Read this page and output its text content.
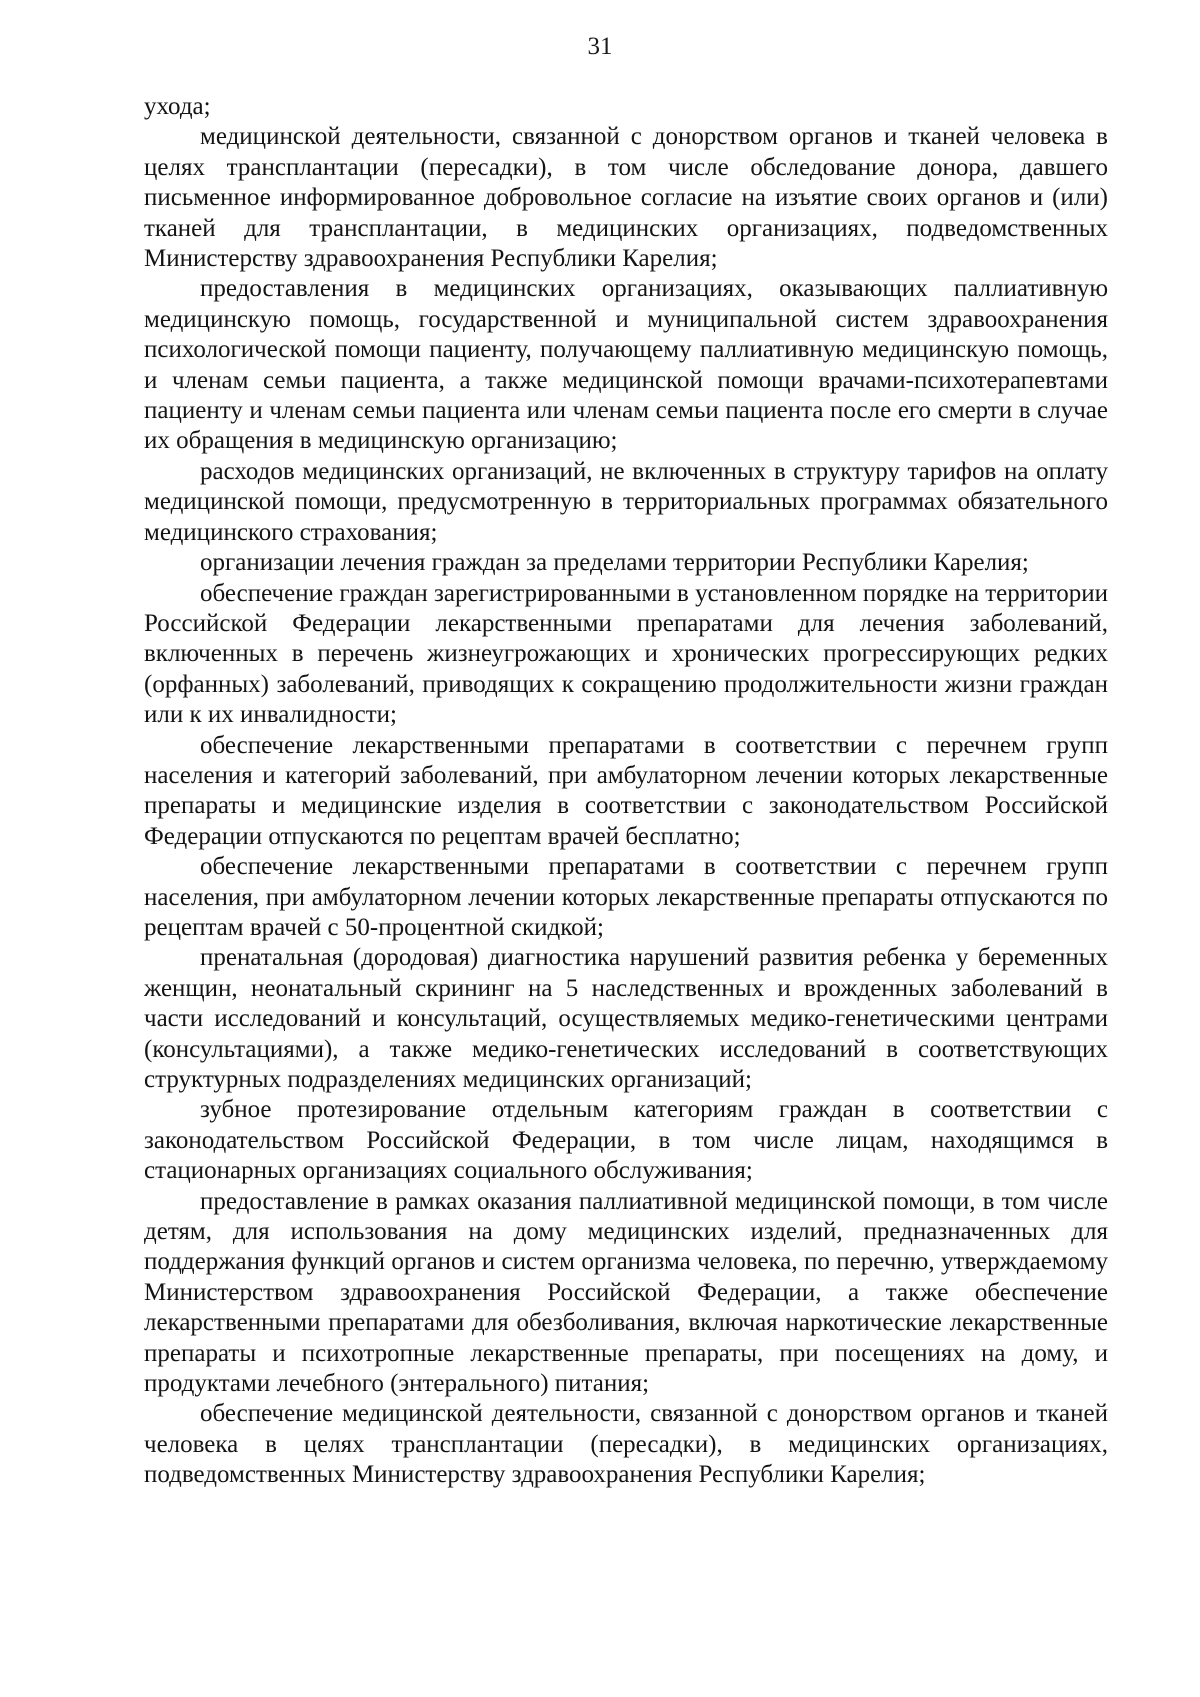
31

ухода;

медицинской деятельности, связанной с донорством органов и тканей человека в целях трансплантации (пересадки), в том числе обследование донора, давшего письменное информированное добровольное согласие на изъятие своих органов и (или) тканей для трансплантации, в медицинских организациях, подведомственных Министерству здравоохранения Республики Карелия;

предоставления в медицинских организациях, оказывающих паллиативную медицинскую помощь, государственной и муниципальной систем здравоохранения психологической помощи пациенту, получающему паллиативную медицинскую помощь, и членам семьи пациента, а также медицинской помощи врачами-психотерапевтами пациенту и членам семьи пациента или членам семьи пациента после его смерти в случае их обращения в медицинскую организацию;

расходов медицинских организаций, не включенных в структуру тарифов на оплату медицинской помощи, предусмотренную в территориальных программах обязательного медицинского страхования;

организации лечения граждан за пределами территории Республики Карелия;

обеспечение граждан зарегистрированными в установленном порядке на территории Российской Федерации лекарственными препаратами для лечения заболеваний, включенных в перечень жизнеугрожающих и хронических прогрессирующих редких (орфанных) заболеваний, приводящих к сокращению продолжительности жизни граждан или к их инвалидности;

обеспечение лекарственными препаратами в соответствии с перечнем групп населения и категорий заболеваний, при амбулаторном лечении которых лекарственные препараты и медицинские изделия в соответствии с законодательством Российской Федерации отпускаются по рецептам врачей бесплатно;

обеспечение лекарственными препаратами в соответствии с перечнем групп населения, при амбулаторном лечении которых лекарственные препараты отпускаются по рецептам врачей с 50-процентной скидкой;

пренатальная (дородовая) диагностика нарушений развития ребенка у беременных женщин, неонатальный скрининг на 5 наследственных и врожденных заболеваний в части исследований и консультаций, осуществляемых медико-генетическими центрами (консультациями), а также медико-генетических исследований в соответствующих структурных подразделениях медицинских организаций;

зубное протезирование отдельным категориям граждан в соответствии с законодательством Российской Федерации, в том числе лицам, находящимся в стационарных организациях социального обслуживания;

предоставление в рамках оказания паллиативной медицинской помощи, в том числе детям, для использования на дому медицинских изделий, предназначенных для поддержания функций органов и систем организма человека, по перечню, утверждаемому Министерством здравоохранения Российской Федерации, а также обеспечение лекарственными препаратами для обезболивания, включая наркотические лекарственные препараты и психотропные лекарственные препараты, при посещениях на дому, и продуктами лечебного (энтерального) питания;

обеспечение медицинской деятельности, связанной с донорством органов и тканей человека в целях трансплантации (пересадки), в медицинских организациях, подведомственных Министерству здравоохранения Республики Карелия;
